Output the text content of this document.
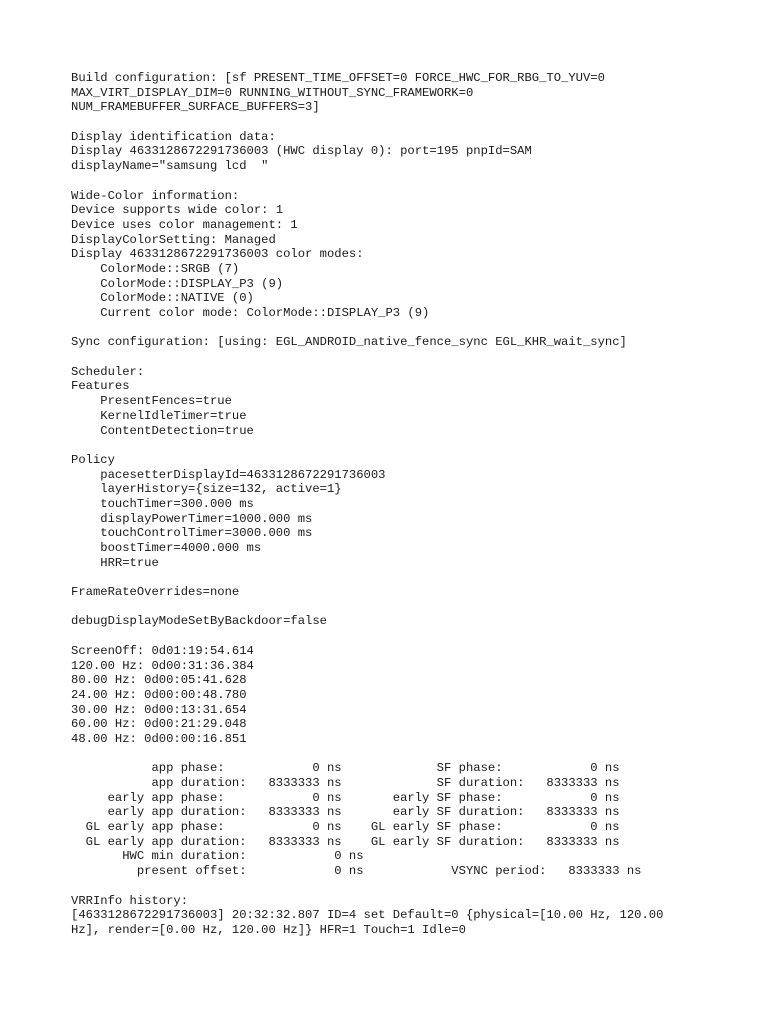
Build configuration: [sf PRESENT_TIME_OFFSET=0 FORCE_HWC_FOR_RBG_TO_YUV=0
MAX_VIRT_DISPLAY_DIM=0 RUNNING_WITHOUT_SYNC_FRAMEWORK=0
NUM_FRAMEBUFFER_SURFACE_BUFFERS=3]
Display identification data:
Display 4633128672291736003 (HWC display 0): port=195 pnpId=SAM
displayName="samsung lcd  "
Wide-Color information:
Device supports wide color: 1
Device uses color management: 1
DisplayColorSetting: Managed
Display 4633128672291736003 color modes:
ColorMode::SRGB (7)
ColorMode::DISPLAY_P3 (9)
ColorMode::NATIVE (0)
Current color mode: ColorMode::DISPLAY_P3 (9)
Sync configuration: [using: EGL_ANDROID_native_fence_sync EGL_KHR_wait_sync]
Scheduler:
Features
PresentFences=true
KernelIdleTimer=true
ContentDetection=true
Policy
pacesetterDisplayId=4633128672291736003
layerHistory={size=132, active=1}
touchTimer=300.000 ms
displayPowerTimer=1000.000 ms
touchControlTimer=3000.000 ms
boostTimer=4000.000 ms
HRR=true
FrameRateOverrides=none
debugDisplayModeSetByBackdoor=false
ScreenOff: 0d01:19:54.614
120.00 Hz: 0d00:31:36.384
80.00 Hz: 0d00:05:41.628
24.00 Hz: 0d00:00:48.780
30.00 Hz: 0d00:13:31.654
60.00 Hz: 0d00:21:29.048
48.00 Hz: 0d00:00:16.851
app phase:            0 ns             SF phase:            0 ns
app duration:   8333333 ns             SF duration:   8333333 ns
early app phase:            0 ns       early SF phase:            0 ns
early app duration:   8333333 ns       early SF duration:   8333333 ns
GL early app phase:            0 ns    GL early SF phase:            0 ns
GL early app duration:   8333333 ns    GL early SF duration:   8333333 ns
HWC min duration:            0 ns
present offset:            0 ns            VSYNC period:   8333333 ns
VRRInfo history:
[4633128672291736003] 20:32:32.807 ID=4 set Default=0 {physical=[10.00 Hz, 120.00
Hz], render=[0.00 Hz, 120.00 Hz]} HFR=1 Touch=1 Idle=0
